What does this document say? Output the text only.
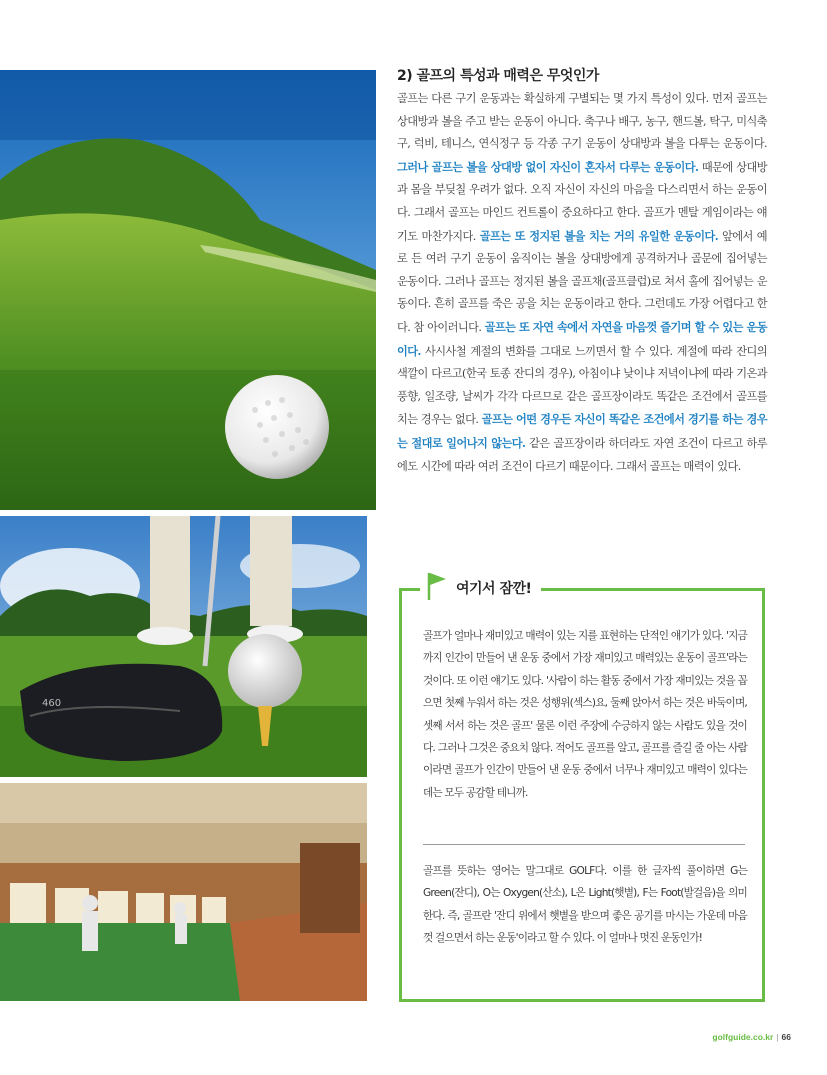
460
2) 골프의 특성과 매력은 무엇인가
골프는 다른 구기 운동과는 확실하게 구별되는 몇 가지 특성이 있다. 먼저 골프는 상대방과 볼을 주고 받는 운동이 아니다. 축구나 배구, 농구, 핸드볼, 탁구, 미식축구, 럭비, 테니스, 연식정구 등 각종 구기 운동이 상대방과 볼을 다투는 운동이다. 그러나 골프는 볼을 상대방 없이 자신이 혼자서 다루는 운동이다. 때문에 상대방과 몸을 부딪칠 우려가 없다. 오직 자신이 자신의 마음을 다스리면서 하는 운동이다. 그래서 골프는 마인드 컨트롤이 중요하다고 한다. 골프가 멘탈 게임이라는 얘기도 마찬가지다. 골프는 또 정지된 볼을 치는 거의 유일한 운동이다. 앞에서 예로 든 여러 구기 운동이 움직이는 볼을 상대방에게 공격하거나 골문에 집어넣는 운동이다. 그러나 골프는 정지된 볼을 골프채(골프클럽)로 쳐서 홀에 집어넣는 운동이다. 흔히 골프를 죽은 공을 치는 운동이라고 한다. 그런데도 가장 어렵다고 한다. 참 아이러니다. 골프는 또 자연 속에서 자연을 마음껏 즐기며 할 수 있는 운동이다. 사시사철 계절의 변화를 그대로 느끼면서 할 수 있다. 계절에 따라 잔디의 색깔이 다르고(한국 토종 잔디의 경우), 아침이냐 낮이냐 저녁이냐에 따라 기온과 풍향, 일조량, 날씨가 각각 다르므로 같은 골프장이라도 똑같은 조건에서 골프를 치는 경우는 없다. 골프는 어떤 경우든 자신이 똑같은 조건에서 경기를 하는 경우는 절대로 일어나지 않는다. 같은 골프장이라 하더라도 자연 조건이 다르고 하루에도 시간에 따라 여러 조건이 다르기 때문이다. 그래서 골프는 매력이 있다.
여기서 잠깐!
골프가 얼마나 재미있고 매력이 있는 지를 표현하는 단적인 얘기가 있다. '지금까지 인간이 만들어 낸 운동 중에서 가장 재미있고 매력있는 운동이 골프'라는 것이다. 또 이런 얘기도 있다. '사람이 하는 활동 중에서 가장 재미있는 것을 꼽으면 첫째 누워서 하는 것은 성행위(섹스)요, 둘째 앉아서 하는 것은 바둑이며, 셋째 서서 하는 것은 골프' 물론 이런 주장에 수긍하지 않는 사람도 있을 것이다. 그러나 그것은 중요치 않다. 적어도 골프를 알고, 골프를 즐길 줄 아는 사람이라면 골프가 인간이 만들어 낸 운동 중에서 너무나 재미있고 매력이 있다는 데는 모두 공감할 테니까.
골프를 뜻하는 영어는 말그대로 GOLF다. 이를 한 글자씩 풀이하면 G는 Green(잔디), O는 Oxygen(산소), L은 Light(햇볕), F는 Foot(발걸음)을 의미한다. 즉, 골프란 '잔디 위에서 햇볕을 받으며 좋은 공기를 마시는 가운데 마음껏 걸으면서 하는 운동'이라고 할 수 있다. 이 얼마나 멋진 운동인가!
golfguide.co.kr | 66
